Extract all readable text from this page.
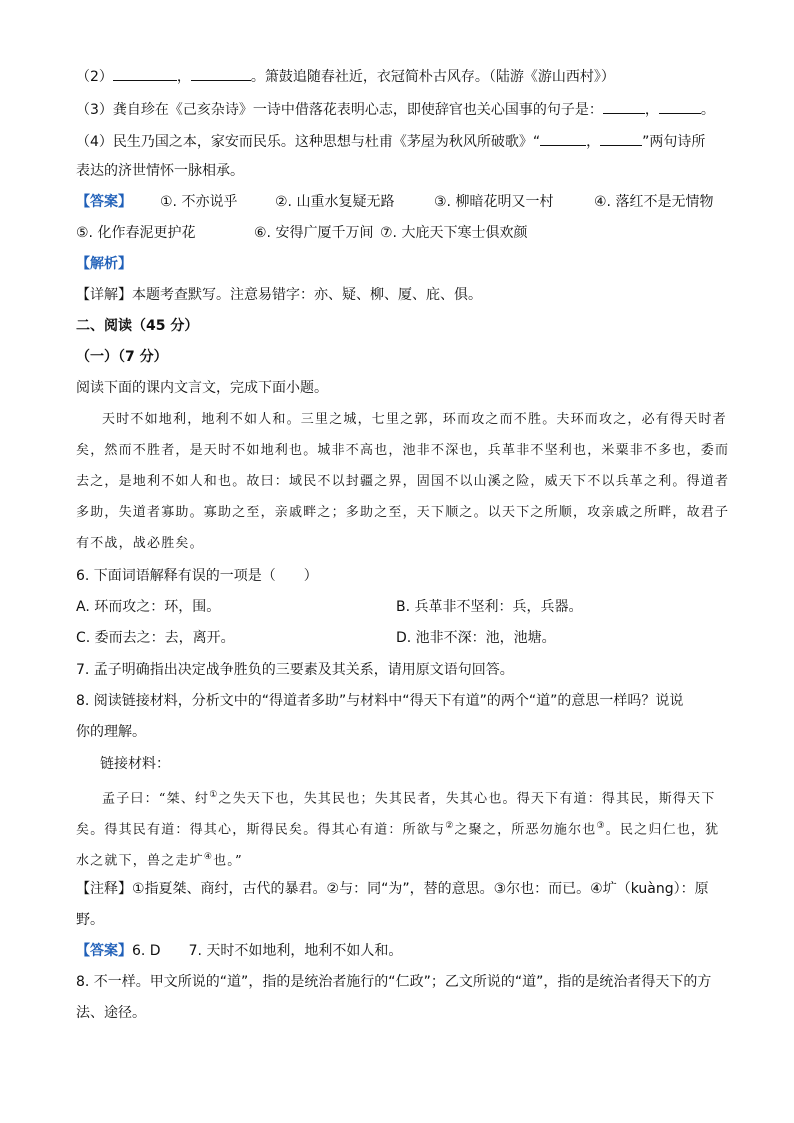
（2）	，	。箫鼓追随春社近，衣冠简朴古风存。（陆游《游山西村》）
（3）龚自珍在《己亥杂诗》一诗中借落花表明心志，即使辞官也关心国事的句子是：	，	。
（4）民生乃国之本，家安而民乐。这种思想与杜甫《茅屋为秋风所破歌》“	，	”两句诗所
表达的济世情怀一脉相承。
【答案】 ①. 不亦说乎	②. 山重水复疑无路	③. 柳暗花明又一村	④. 落红不是无情物
⑤. 化作春泥更护花	⑥. 安得广厦千万间 ⑦. 大庇天下寒士俱欢颜
【解析】
【详解】本题考查默写。注意易错字：亦、疑、柳、厦、庇、俱。
二、阅读（45 分）
（一）（7 分）
阅读下面的课内文言文，完成下面小题。
天时不如地利，地利不如人和。三里之城，七里之郭，环而攻之而不胜。夫环而攻之，必有得天时者
矣，然而不胜者，是天时不如地利也。城非不高也，池非不深也，兵革非不坚利也，米粟非不多也，委而
去之，是地利不如人和也。故曰：域民不以封疆之界，固国不以山溪之险，威天下不以兵革之利。得道者
多助，失道者寡助。寡助之至，亲戚畔之；多助之至，天下顺之。以天下之所顺，攻亲戚之所畔，故君子
有不战，战必胜矣。
6. 下面词语解释有误的一项是（　　）
A. 环而攻之：环，围。	B. 兵革非不坚利：兵，兵器。
C. 委而去之：去，离开。	D. 池非不深：池，池塘。
7. 孟子明确指出决定战争胜负的三要素及其关系，请用原文语句回答。
8. 阅读链接材料，分析文中的“得道者多助”与材料中“得天下有道”的两个“道”的意思一样吗？说说
你的理解。
链接材料：
孟子曰：“桀、纣①之失天下也，失其民也；失其民者，失其心也。得天下有道：得其民，斯得天下
矣。得其民有道：得其心，斯得民矣。得其心有道：所欲与②之聚之，所恶勿施尔也③。民之归仁也，犹
水之就下，兽之走圹④也。”
【注释】①指夏桀、商纣，古代的暴君。②与：同“为”，替的意思。③尔也：而已。④圹（kuàng）：原
野。
【答案】6. D 7. 天时不如地利，地利不如人和。
8. 不一样。甲文所说的“道”，指的是统治者施行的“仁政”；乙文所说的“道”，指的是统治者得天下的方
法、途径。
